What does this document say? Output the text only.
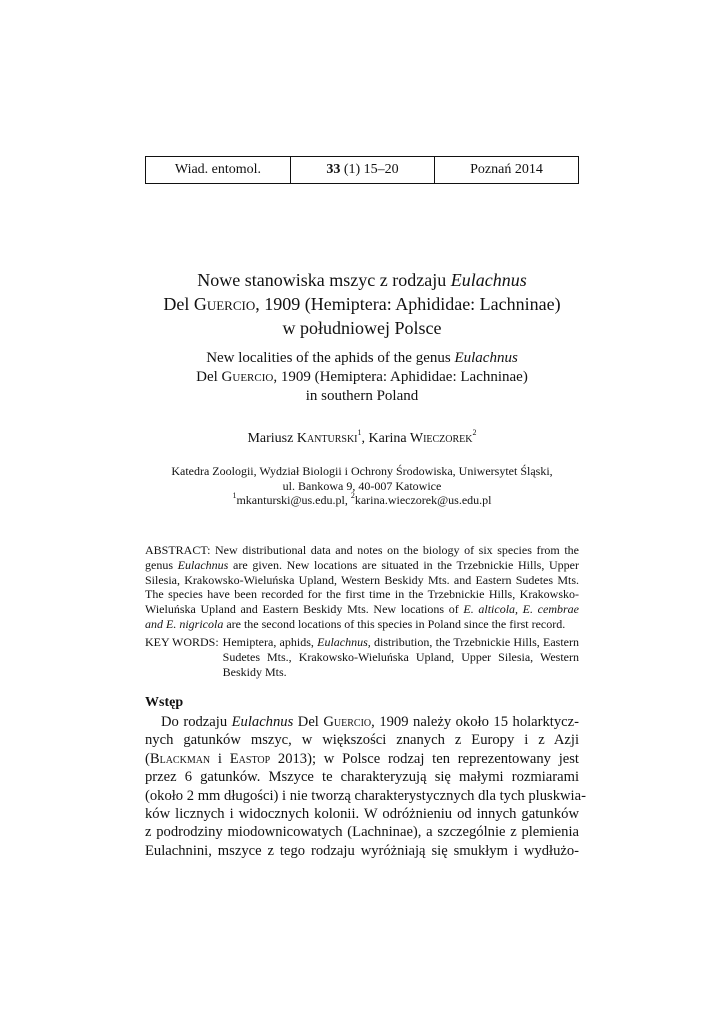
Wiad. entomol.	33 (1) 15–20	Poznań 2014
Nowe stanowiska mszyc z rodzaju Eulachnus
Del Guercio, 1909 (Hemiptera: Aphididae: Lachninae)
w południowej Polsce
New localities of the aphids of the genus Eulachnus
Del Guercio, 1909 (Hemiptera: Aphididae: Lachninae)
in southern Poland
Mariusz Kanturski$^1$, Karina Wieczorek$^2$
Katedra Zoologii, Wydział Biologii i Ochrony Środowiska, Uniwersytet Śląski,
ul. Bankowa 9, 40-007 Katowice
$^1$mkanturski@us.edu.pl, $^2$karina.wieczorek@us.edu.pl
ABSTRACT: New distributional data and notes on the biology of six species from the genus Eulachnus are given. New locations are situated in the Trzebnickie Hills, Upper Silesia, Krakowsko-Wieluńska Upland, Western Beskidy Mts. and Eastern Sudetes Mts. The species have been recorded for the first time in the Trzebnickie Hills, Krakowsko-Wieluńska Upland and Eastern Beskidy Mts. New locations of E. alticola, E. cembrae and E. nigricola are the second locations of this species in Poland since the first record.
KEY WORDS: Hemiptera, aphids, Eulachnus, distribution, the Trzebnickie Hills, Eastern Sudetes Mts., Krakowsko-Wieluńska Upland, Upper Silesia, Western Beskidy Mts.
Wstęp
Do rodzaju Eulachnus Del Guercio, 1909 należy około 15 holarktycz-
nych gatunków mszyc, w większości znanych z Europy i z Azji
(Blackman i Eastop 2013); w Polsce rodzaj ten reprezentowany jest
przez 6 gatunków. Mszyce te charakteryzują się małymi rozmiarami
(około 2 mm długości) i nie tworzą charakterystycznych dla tych pluskwia-
ków licznych i widocznych kolonii. W odróżnieniu od innych gatunków
z podrodziny miodownicowatych (Lachninae), a szczególnie z plemienia
Eulachnini, mszyce z tego rodzaju wyróżniają się smukłym i wydłużo-
